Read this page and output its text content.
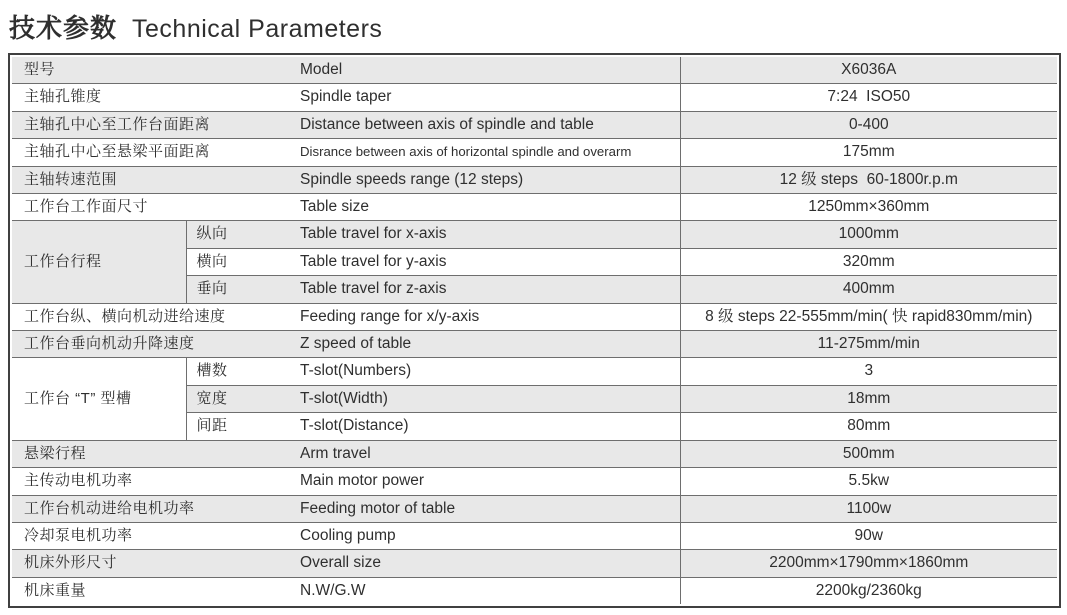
技术参数 Technical Parameters
型号		Model	X6036A
主轴孔锥度		Spindle taper	7:24  ISO50
主轴孔中心至工作台面距离		Distance between axis of spindle and table	0-400
主轴孔中心至悬梁平面距离		Disrance between axis of horizontal spindle and overarm	175mm
主轴转速范围		Spindle speeds range (12 steps)	12 级 steps  60-1800r.p.m
工作台工作面尺寸		Table size	1250mm×360mm
工作台行程	纵向	Table travel for x-axis	1000mm
	横向	Table travel for y-axis	320mm
	垂向	Table travel for z-axis	400mm
工作台纵、横向机动进给速度		Feeding range for x/y-axis	8 级 steps 22-555mm/min( 快 rapid830mm/min)
工作台垂向机动升降速度		Z speed of table	11-275mm/min
工作台 “T” 型槽	槽数	T-slot(Numbers)	3
	宽度	T-slot(Width)	18mm
	间距	T-slot(Distance)	80mm
悬梁行程		Arm travel	500mm
主传动电机功率		Main motor power	5.5kw
工作台机动进给电机功率		Feeding motor of table	1100w
冷却泵电机功率		Cooling pump	90w
机床外形尺寸		Overall size	2200mm×1790mm×1860mm
机床重量		N.W/G.W	2200kg/2360kg
